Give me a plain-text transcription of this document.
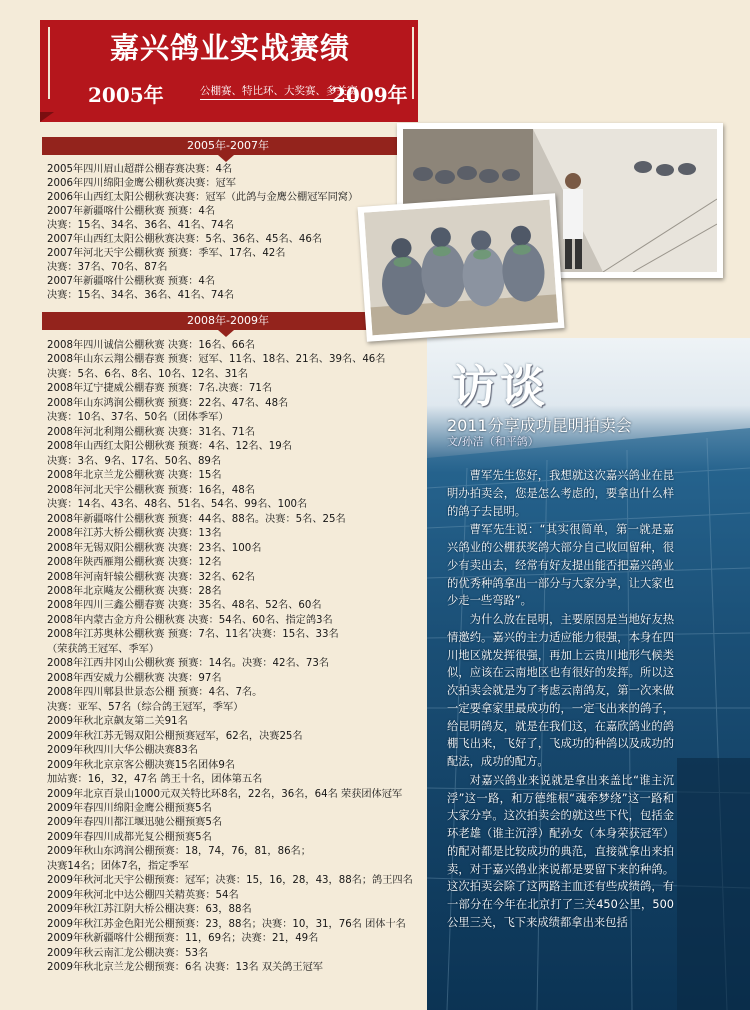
嘉兴鸽业实战赛绩
2005年	公棚赛、特比环、大奖赛、多关赛
2009年
2005年-2007年
2005年四川眉山超群公棚春赛决赛：4名
2006年四川绵阳金鹰公棚秋赛决赛：冠军
2006年山西红太阳公棚秋赛决赛：冠军（此鸽与金鹰公棚冠军同窝）
2007年新疆喀什公棚秋赛 预赛：4名
决赛：15名、34名、36名、41名、74名
2007年山西红太阳公棚秋赛决赛：5名、36名、45名、46名
2007年河北天宇公棚秋赛 预赛：季军、17名、42名
决赛：37名、70名、87名
2007年新疆喀什公棚秋赛 预赛：4名
决赛：15名、34名、36名、41名、74名
2008年-2009年
2008年四川诚信公棚秋赛 决赛：16名、66名
2008年山东云翔公棚春赛 预赛：冠军、11名、18名、21名、39名、46名
决赛：5名、6名、8名、10名、12名、31名
2008年辽宁捷威公棚春赛 预赛：7名.决赛：71名
2008年山东鸿润公棚秋赛 预赛：22名、47名、48名
决赛：10名、37名、50名（团体季军）
2008年河北利翔公棚秋赛 决赛：31名、71名
2008年山西红太阳公棚秋赛 预赛：4名、12名、19名
决赛：3名、9名、17名、50名、89名
2008年北京兰龙公棚秋赛 决赛：15名
2008年河北天宇公棚秋赛 预赛：16名，48名
决赛：14名、43名、48名、51名、54名、99名、100名
2008年新疆喀什公棚秋赛 预赛：44名、88名。决赛：5名、25名
2008年江苏大桥公棚秋赛 决赛：13名
2008年无锡双阳公棚秋赛 决赛：23名、100名
2008年陕西雁翔公棚秋赛 决赛：12名
2008年河南轩辕公棚秋赛 决赛：32名、62名
2008年北京飚友公棚秋赛 决赛：28名
2008年四川三鑫公棚春赛 决赛：35名、48名、52名、60名
2008年内蒙古金方舟公棚秋赛 决赛：54名、60名、指定鸽3名
2008年江苏奥林公棚秋赛 预赛：7名、11名’决赛：15名、33名
（荣获鸽王冠军、季军）
2008年江西井冈山公棚秋赛 预赛：14名。决赛：42名、73名
2008年西安威力公棚秋赛 决赛：97名
2008年四川郫县世景态公棚 预赛：4名、7名。
决赛：亚军、57名（综合鸽王冠军，季军）
2009年秋北京飙友第二关91名
2009年秋江苏无锡双阳公棚预赛冠军，62名，决赛25名
2009年秋四川大华公棚决赛83名
2009年秋北京京客公棚决赛15名团体9名
加站赛：16，32，47名 鸽王十名，团体第五名
2009年北京百景山1000元双关特比环8名，22名，36名，64名 荣获团体冠军
2009年春四川绵阳金鹰公棚预赛5名
2009年春四川都江堰迅驰公棚预赛5名
2009年春四川成都光复公棚预赛5名
2009年秋山东鸿润公棚预赛：18，74，76，81，86名；
决赛14名；团体7名，指定季军
2009年秋河北天宇公棚预赛：冠军；决赛：15，16，28，43，88名；鸽王四名
2009年秋河北中达公棚四关精英赛：54名
2009年秋江苏江阴大桥公棚决赛：63，88名
2009年秋江苏金色阳光公棚预赛：23，88名；决赛：10，31，76名 团体十名
2009年秋新疆喀什公棚预赛：11，69名；决赛：21，49名
2009年秋云南汇龙公棚决赛：53名
2009年秋北京兰龙公棚预赛：6名 决赛：13名 双关鸽王冠军
访谈
2011分享成功昆明拍卖会
文/孙洁（和平鸽）

曹军先生您好，我想就这次嘉兴鸽业在昆明办拍卖会，您是怎么考虑的，要拿出什么样的鸽子去昆明。

曹军先生说：“其实很简单，第一就是嘉兴鸽业的公棚获奖鸽大部分自己收回留种，很少有卖出去，经常有好友提出能否把嘉兴鸽业的优秀种鸽拿出一部分与大家分享，让大家也少走一些弯路”。

为什么放在昆明，主要原因是当地好友热情邀约。嘉兴的主力适应能力很强，本身在四川地区就发挥很强，再加上云贵川地形气候类似，应该在云南地区也有很好的发挥。所以这次拍卖会就是为了考虑云南鸽友，第一次来做一定要拿家里最成功的，一定飞出来的鸽子，给昆明鸽友，就是在我们这，在嘉欣鸽业的鸽棚飞出来，飞好了，飞成功的种鸽以及成功的配法，成功的配方。

对嘉兴鸽业来说就是拿出来盖比“谁主沉浮”这一路，和万德维根“魂牵梦绕”这一路和大家分享。这次拍卖会的就这些下代，包括金环老雄（谁主沉浮）配孙女（本身荣获冠军）的配对都是比较成功的典范，直接就拿出来拍卖，对于嘉兴鸽业来说都是要留下来的种鸽。这次拍卖会除了这两路主血还有些成绩鸽，有一部分在今年在北京打了三关450公里，500公里三关，飞下来成绩都拿出来包括
